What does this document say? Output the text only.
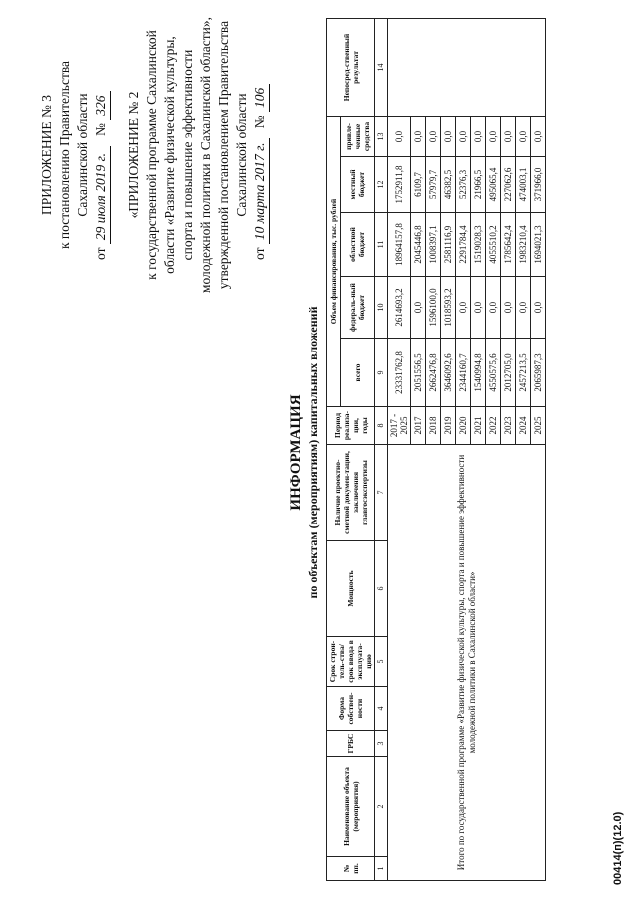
ПРИЛОЖЕНИЕ № 3 к постановлению Правительства Сахалинской области

от 29 июля 2019 г.   № 326 «ПРИЛОЖЕНИЕ № 2 к государственной программе Сахалинской области «Развитие физической культуры, спорта и повышение эффективности молодежной политики в Сахалинской области», утвержденной постановлением Правительства Сахалинской области

от 10 марта 2017 г.   № 106

ИНФОРМАЦИЯ по объектам (мероприятиям) капитальных вложений
№ пп.	Наименование объекта (мероприятия)	ГРБС	Форма собствен-ности	Срок строи-тель-ства/срок ввода в эксплуата-цию	Мощность	Наличие проектно-сметной докумен-тации, заключения главгосэкспертизы	Период реализа-ции, годы	Объем финансирования, тыс. рублей					Непосред-ственный результат
								всего	федераль-ный бюджет	областной бюджет	местный бюджет	привле-ченные средства	
1	2	3	4	5	6	7	8	9	10	11	12	13	14
Итого по государственной программе «Развитие физической культуры, спорта и повышение эффективности молодежной политики в Сахалинской области»							2017 - 2025	23331762,8	2614693,2	18964157,8	1752911,8	0,0	
							2017	2051556,5	0,0	2045446,8	6109,7	0,0	
							2018	2662476,8	1596100,0	1008397,1	57979,7	0,0	
							2019	3646092,6	1018593,2	2581116,9	46382,5	0,0	
							2020	2344160,7	0,0	2291784,4	52376,3	0,0	
							2021	1540994,8	0,0	1519028,3	21966,5	0,0	
							2022	4550575,6	0,0	4055510,2	495065,4	0,0	
							2023	2012705,0	0,0	1785642,4	227062,6	0,0	
							2024	2457213,5	0,0	1983210,4	474003,1	0,0	
							2025	2065987,3	0,0	1694021,3	371966,0	0,0	
00414(п)(12.0)
